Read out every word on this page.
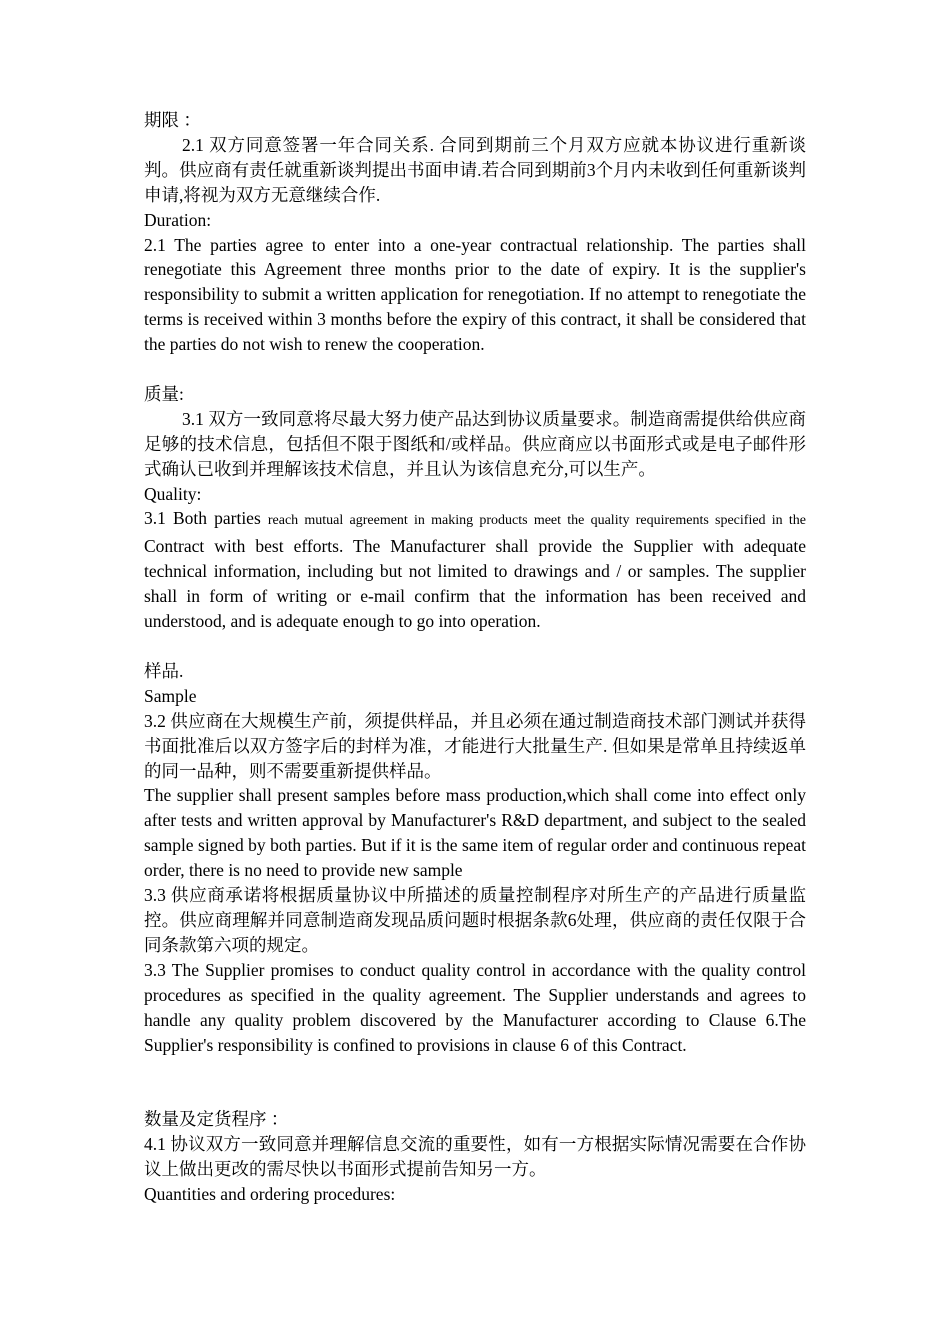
期限 ：

2.1 双方同意签署一年合同关系. 合同到期前三个月双方应就本协议进行重新谈判。供应商有责任就重新谈判提出书面申请.若合同到期前3个月内未收到任何重新谈判申请,将视为双方无意继续合作.

Duration:

2.1 The parties agree to enter into a one-year contractual relationship. The parties shall renegotiate this Agreement three months prior to the date of expiry. It is the supplier's responsibility to submit a written application for renegotiation. If no attempt to renegotiate the terms is received within 3 months before the expiry of this contract, it shall be considered that the parties do not wish to renew the cooperation.

质量:

3.1 双方一致同意将尽最大努力使产品达到协议质量要求。制造商需提供给供应商足够的技术信息，包括但不限于图纸和/或样品。供应商应以书面形式或是电子邮件形式确认已收到并理解该技术信息，并且认为该信息充分,可以生产。

Quality:

3.1 Both parties reach mutual agreement in making products meet the quality requirements specified in the Contract with best efforts. The Manufacturer shall provide the Supplier with adequate technical information, including but not limited to drawings and / or samples. The supplier shall in form of writing or e-mail confirm that the information has been received and understood, and is adequate enough to go into operation.

样品.

Sample

3.2 供应商在大规模生产前，须提供样品，并且必须在通过制造商技术部门测试并获得书面批准后以双方签字后的封样为准，才能进行大批量生产. 但如果是常单且持续返单的同一品种，则不需要重新提供样品。

The supplier shall present samples before mass production,which shall come into effect only after tests and written approval by Manufacturer's R&D department, and subject to the sealed sample signed by both parties. But if it is the same item of regular order and continuous repeat order, there is no need to provide new sample

3.3 供应商承诺将根据质量协议中所描述的质量控制程序对所生产的产品进行质量监控。供应商理解并同意制造商发现品质问题时根据条款6处理，供应商的责任仅限于合同条款第六项的规定。

3.3 The Supplier promises to conduct quality control in accordance with the quality control procedures as specified in the quality agreement. The Supplier understands and agrees to handle any quality problem discovered by the Manufacturer according to Clause 6.The Supplier's responsibility is confined to provisions in clause 6 of this Contract.

数量及定货程序 ：

4.1 协议双方一致同意并理解信息交流的重要性，如有一方根据实际情况需要在合作协议上做出更改的需尽快以书面形式提前告知另一方。

Quantities and ordering procedures:
